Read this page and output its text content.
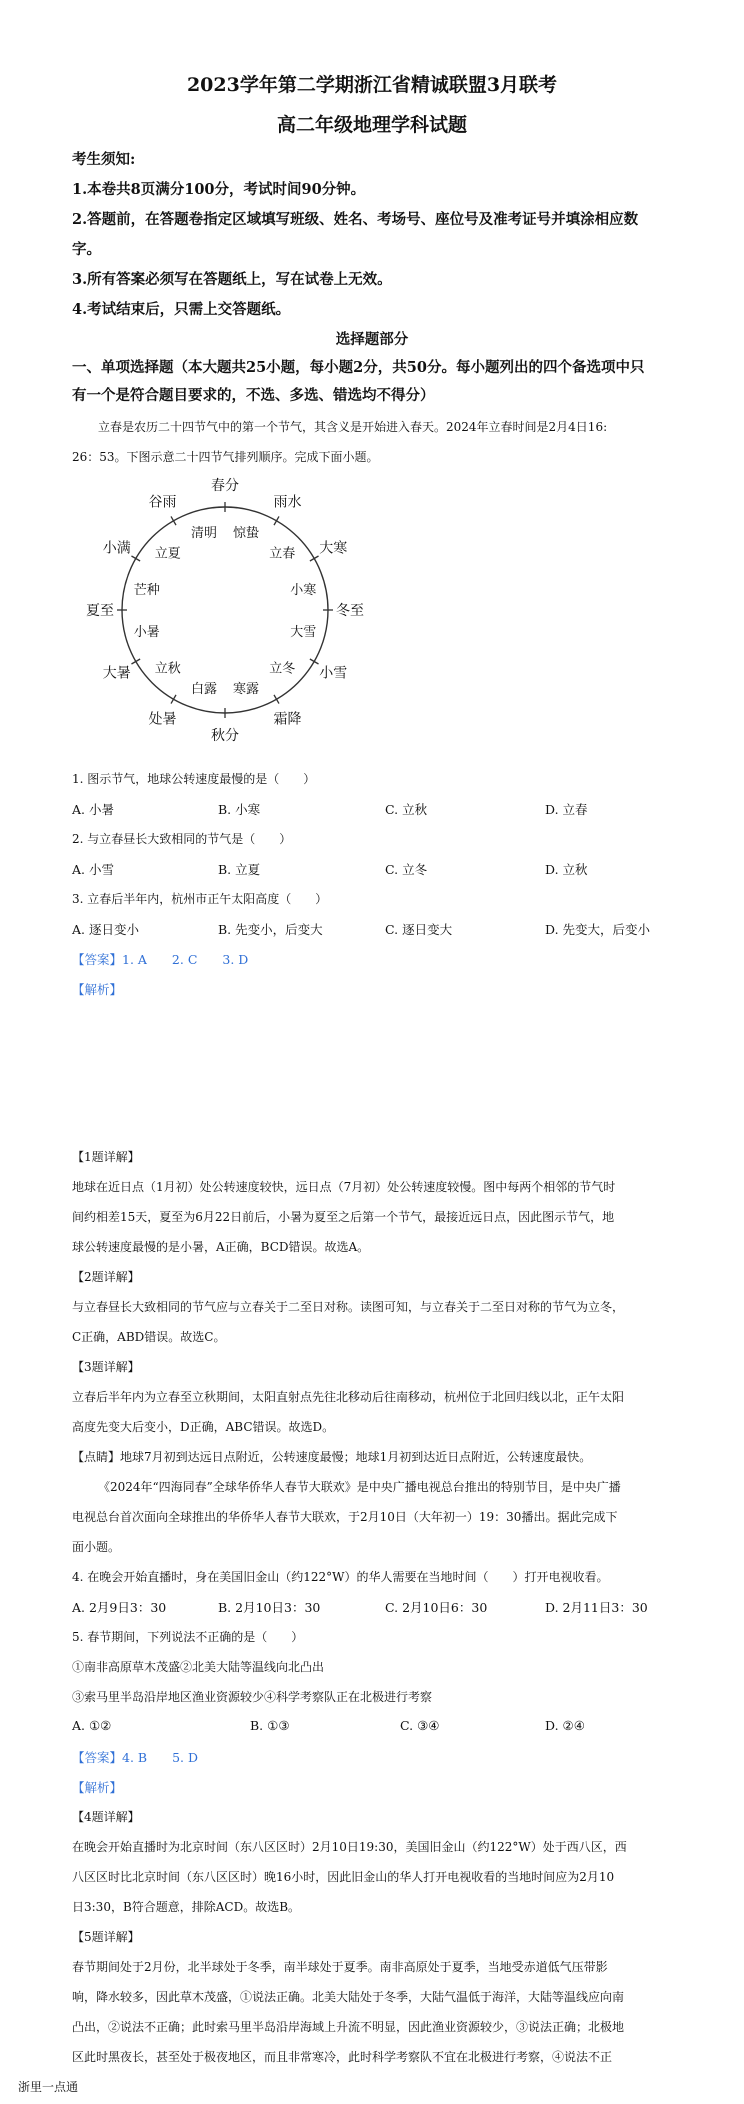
2023学年第二学期浙江省精诚联盟3月联考
高二年级地理学科试题
考生须知:
1.本卷共8页满分100分，考试时间90分钟。
2.答题前，在答题卷指定区域填写班级、姓名、考场号、座位号及准考证号并填涂相应数
字。
3.所有答案必须写在答题纸上，写在试卷上无效。
4.考试结束后，只需上交答题纸。
选择题部分
一、单项选择题（本大题共25小题，每小题2分，共50分。每小题列出的四个备选项中只
有一个是符合题目要求的，不选、多选、错选均不得分）
立春是农历二十四节气中的第一个节气，其含义是开始进入春天。2024年立春时间是2月4日16:
26：53。下图示意二十四节气排列顺序。完成下面小题。
春分
雨水
大寒
冬至
小雪
霜降
秋分
处暑
大暑
夏至
小满
谷雨
惊蛰
立春
小寒
大雪
立冬
寒露
白露
立秋
小暑
芒种
立夏
清明
1. 图示节气，地球公转速度最慢的是（　　）
A. 小暑	B. 小寒	C. 立秋	D. 立春
2. 与立春昼长大致相同的节气是（　　）
A. 小雪	B. 立夏	C. 立冬	D. 立秋
3. 立春后半年内，杭州市正午太阳高度（　　）
A. 逐日变小	B. 先变小，后变大	C. 逐日变大	D. 先变大，后变小
【答案】1. A　　2. C　　3. D
【解析】
【1题详解】
地球在近日点（1月初）处公转速度较快，远日点（7月初）处公转速度较慢。图中每两个相邻的节气时
间约相差15天，夏至为6月22日前后，小暑为夏至之后第一个节气，最接近远日点，因此图示节气，地
球公转速度最慢的是小暑，A正确，BCD错误。故选A。
【2题详解】
与立春昼长大致相同的节气应与立春关于二至日对称。读图可知，与立春关于二至日对称的节气为立冬，
C正确，ABD错误。故选C。
【3题详解】
立春后半年内为立春至立秋期间，太阳直射点先往北移动后往南移动，杭州位于北回归线以北，正午太阳
高度先变大后变小，D正确，ABC错误。故选D。
【点睛】地球7月初到达远日点附近，公转速度最慢；地球1月初到达近日点附近，公转速度最快。
《2024年“四海同春”全球华侨华人春节大联欢》是中央广播电视总台推出的特别节目，是中央广播
电视总台首次面向全球推出的华侨华人春节大联欢，于2月10日（大年初一）19：30播出。据此完成下
面小题。
4. 在晚会开始直播时，身在美国旧金山（约122°W）的华人需要在当地时间（　　）打开电视收看。
A. 2月9日3：30	B. 2月10日3：30	C. 2月10日6：30	D. 2月11日3：30
5. 春节期间，下列说法不正确的是（　　）
①南非高原草木茂盛②北美大陆等温线向北凸出
③索马里半岛沿岸地区渔业资源较少④科学考察队正在北极进行考察
A. ①②	B. ①③	C. ③④	D. ②④
【答案】4. B　　5. D
【解析】
【4题详解】
在晚会开始直播时为北京时间（东八区区时）2月10日19:30，美国旧金山（约122°W）处于西八区，西
八区区时比北京时间（东八区区时）晚16小时，因此旧金山的华人打开电视收看的当地时间应为2月10
日3:30，B符合题意，排除ACD。故选B。
【5题详解】
春节期间处于2月份，北半球处于冬季，南半球处于夏季。南非高原处于夏季，当地受赤道低气压带影
响，降水较多，因此草木茂盛，①说法正确。北美大陆处于冬季，大陆气温低于海洋，大陆等温线应向南
凸出，②说法不正确；此时索马里半岛沿岸海域上升流不明显，因此渔业资源较少，③说法正确；北极地
区此时黑夜长，甚至处于极夜地区，而且非常寒冷，此时科学考察队不宜在北极进行考察，④说法不正
浙里一点通
